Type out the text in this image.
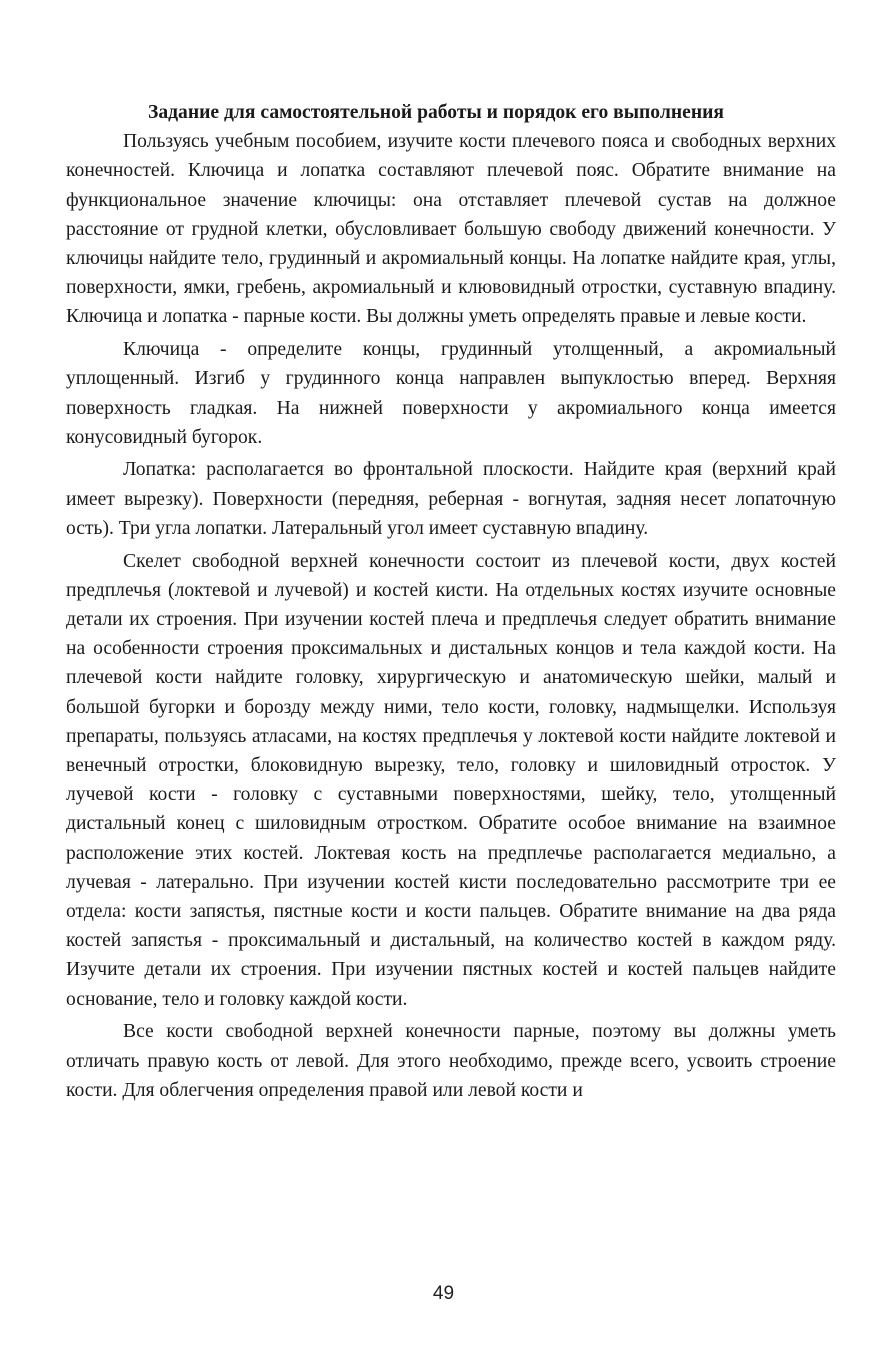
Задание для самостоятельной работы и порядок его выполнения

Пользуясь учебным пособием, изучите кости плечевого пояса и свободных верхних конечностей. Ключица и лопатка составляют плечевой пояс. Обратите внимание на функциональное значение ключицы: она отставляет плечевой сустав на должное расстояние от грудной клетки, обусловливает большую свободу движений конечности. У ключицы найдите тело, грудинный и акромиальный концы. На лопатке найдите края, углы, поверхности, ямки, гребень, акромиальный и клювовидный отростки, суставную впадину. Ключица и лопатка - парные кости. Вы должны уметь определять правые и левые кости.

Ключица - определите концы, грудинный утолщенный, а акромиальный уплощенный. Изгиб у грудинного конца направлен выпуклостью вперед. Верхняя поверхность гладкая. На нижней поверхности у акромиального конца имеется конусовидный бугорок.

Лопатка: располагается во фронтальной плоскости. Найдите края (верхний край имеет вырезку). Поверхности (передняя, реберная - вогнутая, задняя несет лопаточную ость). Три угла лопатки. Латеральный угол имеет суставную впадину.

Скелет свободной верхней конечности состоит из плечевой кости, двух костей предплечья (локтевой и лучевой) и костей кисти. На отдельных костях изучите основные детали их строения. При изучении костей плеча и предплечья следует обратить внимание на особенности строения проксимальных и дистальных концов и тела каждой кости. На плечевой кости найдите головку, хирургическую и анатомическую шейки, малый и большой бугорки и борозду между ними, тело кости, головку, надмыщелки. Используя препараты, пользуясь атласами, на костях предплечья у локтевой кости найдите локтевой и венечный отростки, блоковидную вырезку, тело, головку и шиловидный отросток. У лучевой кости - головку с суставными поверхностями, шейку, тело, утолщенный дистальный конец с шиловидным отростком. Обратите особое внимание на взаимное расположение этих костей. Локтевая кость на предплечье располагается медиально, а лучевая - латерально. При изучении костей кисти последовательно рассмотрите три ее отдела: кости запястья, пястные кости и кости пальцев. Обратите внимание на два ряда костей запястья - проксимальный и дистальный, на количество костей в каждом ряду. Изучите детали их строения. При изучении пястных костей и костей пальцев найдите основание, тело и головку каждой кости.

Все кости свободной верхней конечности парные, поэтому вы должны уметь отличать правую кость от левой. Для этого необходимо, прежде всего, усвоить строение кости. Для облегчения определения правой или левой кости и

49
